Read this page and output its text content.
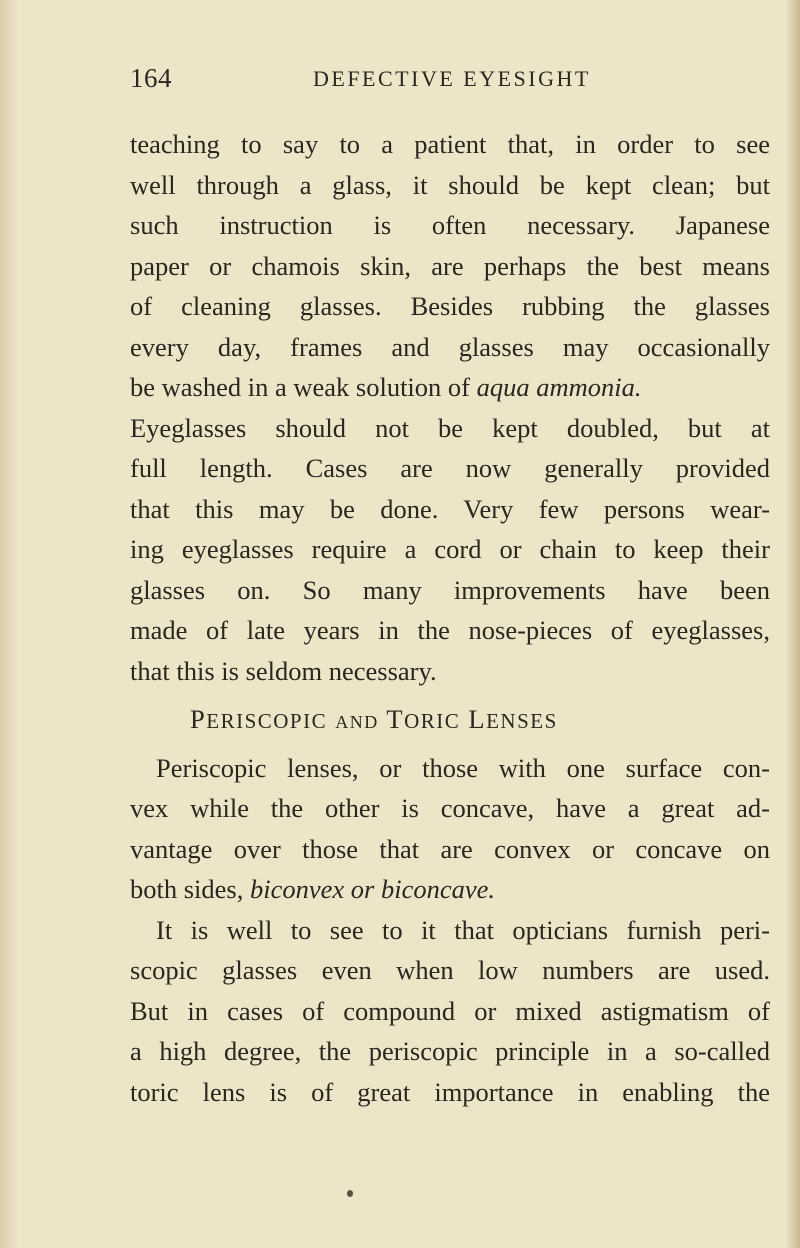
164	DEFECTIVE EYESIGHT
teaching to say to a patient that, in order to see
well through a glass, it should be kept clean; but
such instruction is often necessary. Japanese
paper or chamois skin, are perhaps the best means
of cleaning glasses. Besides rubbing the glasses
every day, frames and glasses may occasionally
be washed in a weak solution of aqua ammonia.
Eyeglasses should not be kept doubled, but at
full length. Cases are now generally provided
that this may be done. Very few persons wear-
ing eyeglasses require a cord or chain to keep their
glasses on. So many improvements have been
made of late years in the nose-pieces of eyeglasses,
that this is seldom necessary.
PERISCOPIC AND TORIC LENSES
Periscopic lenses, or those with one surface con-
vex while the other is concave, have a great ad-
vantage over those that are convex or concave on
both sides, biconvex or biconcave.
It is well to see to it that opticians furnish peri-
scopic glasses even when low numbers are used.
But in cases of compound or mixed astigmatism of
a high degree, the periscopic principle in a so-called
toric lens is of great importance in enabling the
